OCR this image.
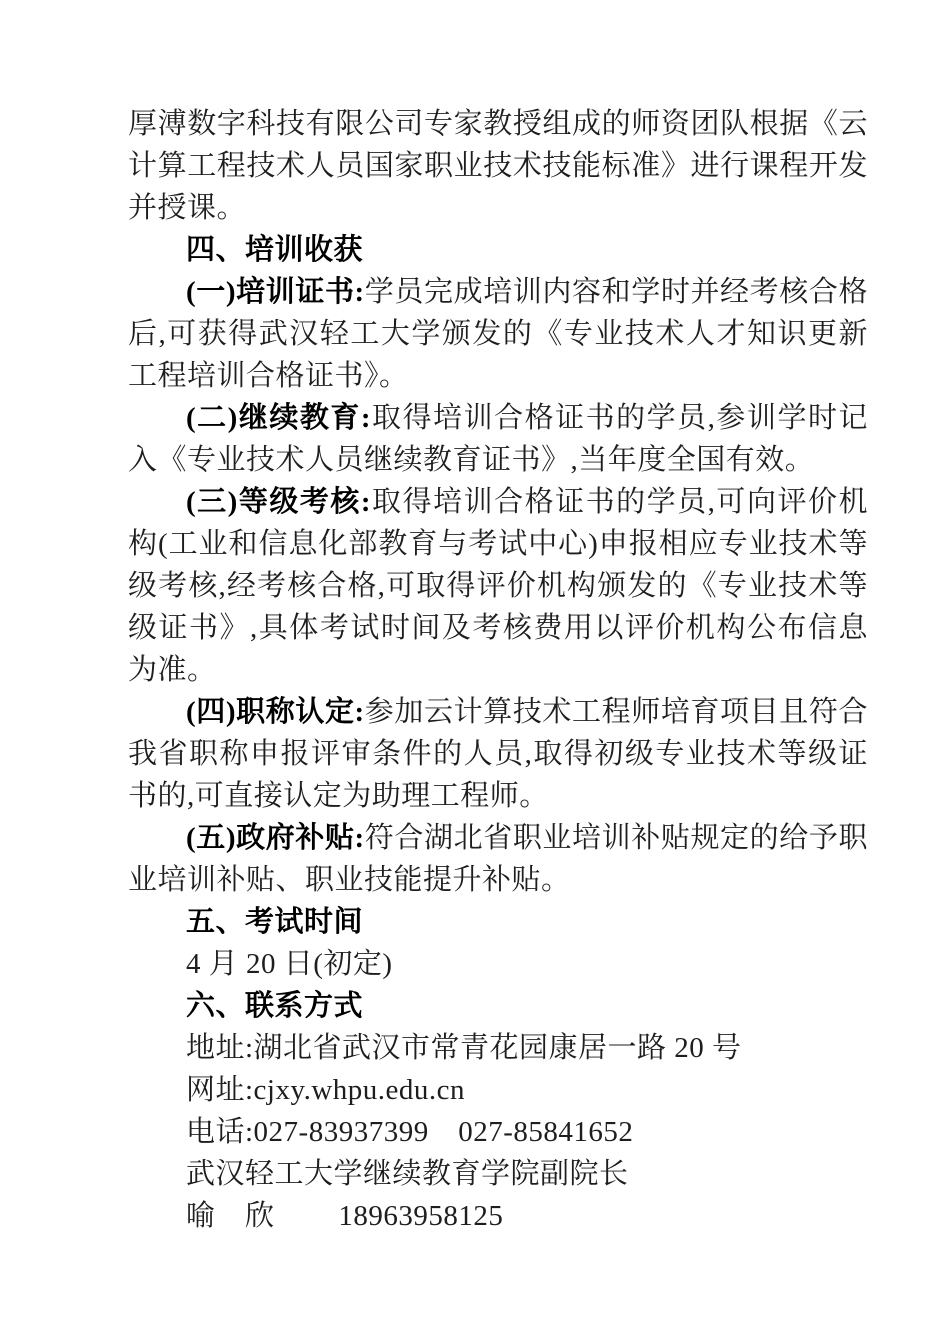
厚溥数字科技有限公司专家教授组成的师资团队根据《云计算工程技术人员国家职业技术技能标准》进行课程开发并授课。

四、培训收获

(一)培训证书:学员完成培训内容和学时并经考核合格后,可获得武汉轻工大学颁发的《专业技术人才知识更新工程培训合格证书》。

(二)继续教育:取得培训合格证书的学员,参训学时记入《专业技术人员继续教育证书》,当年度全国有效。

(三)等级考核:取得培训合格证书的学员,可向评价机构(工业和信息化部教育与考试中心)申报相应专业技术等级考核,经考核合格,可取得评价机构颁发的《专业技术等级证书》,具体考试时间及考核费用以评价机构公布信息为准。

(四)职称认定:参加云计算技术工程师培育项目且符合我省职称申报评审条件的人员,取得初级专业技术等级证书的,可直接认定为助理工程师。

(五)政府补贴:符合湖北省职业培训补贴规定的给予职业培训补贴、职业技能提升补贴。

五、考试时间

4 月 20 日(初定)

六、联系方式

地址:湖北省武汉市常青花园康居一路 20 号

网址:cjxy.whpu.edu.cn

电话:027-83937399　027-85841652

武汉轻工大学继续教育学院副院长

喻　欣 18963958125
